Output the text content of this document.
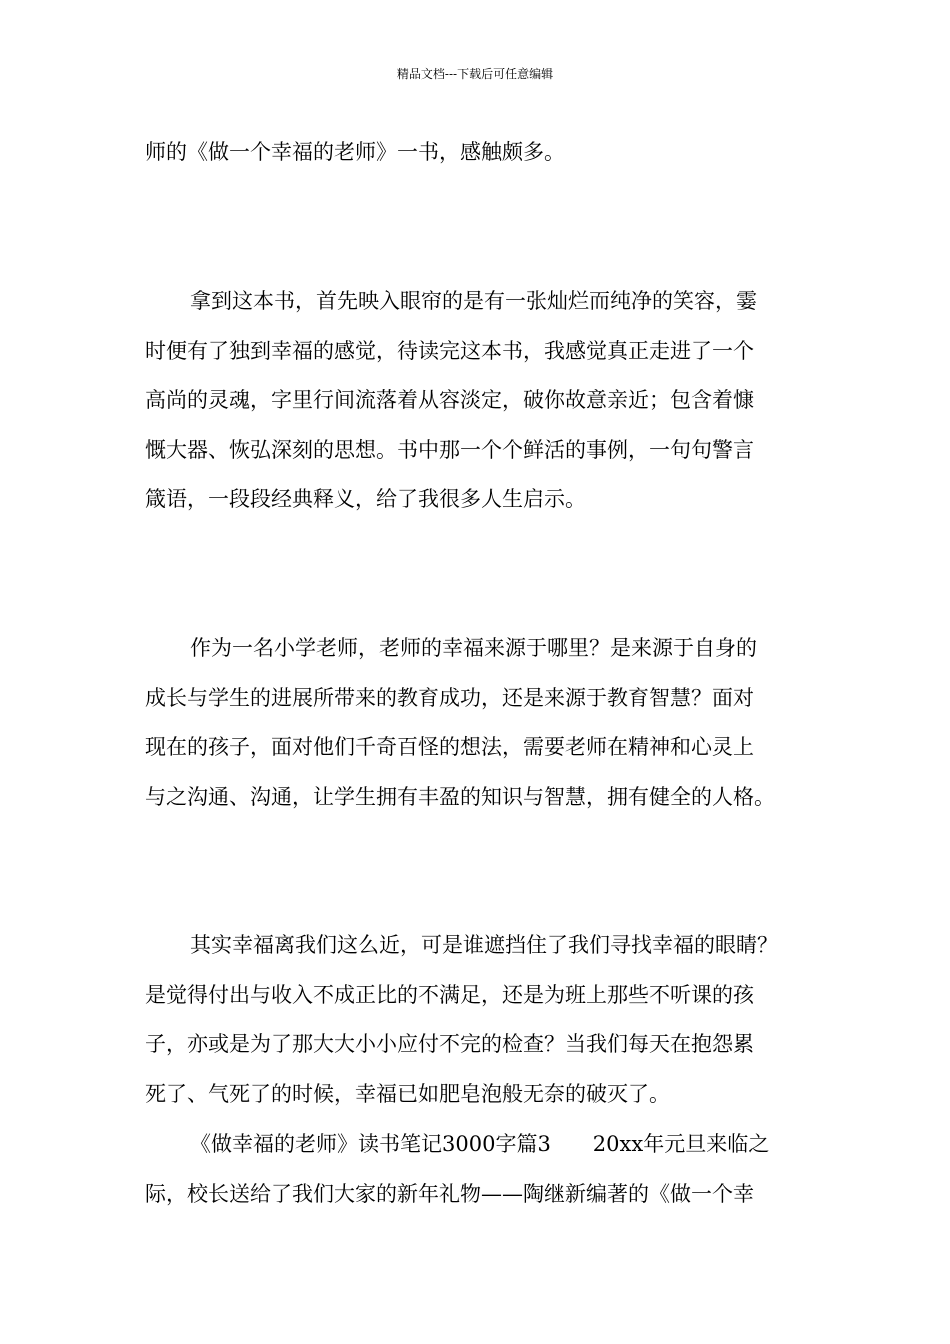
精品文档---下载后可任意编辑
师的《做一个幸福的老师》一书，感触颇多。
拿到这本书，首先映入眼帘的是有一张灿烂而纯净的笑容，霎
时便有了独到幸福的感觉，待读完这本书，我感觉真正走进了一个
高尚的灵魂，字里行间流落着从容淡定，破你故意亲近；包含着慷
慨大器、恢弘深刻的思想。书中那一个个鲜活的事例，一句句警言
箴语，一段段经典释义，给了我很多人生启示。
作为一名小学老师，老师的幸福来源于哪里？是来源于自身的
成长与学生的进展所带来的教育成功，还是来源于教育智慧？面对
现在的孩子，面对他们千奇百怪的想法，需要老师在精神和心灵上
与之沟通、沟通，让学生拥有丰盈的知识与智慧，拥有健全的人格。
其实幸福离我们这么近，可是谁遮挡住了我们寻找幸福的眼睛？
是觉得付出与收入不成正比的不满足，还是为班上那些不听课的孩
子，亦或是为了那大大小小应付不完的检查？当我们每天在抱怨累
死了、气死了的时候，幸福已如肥皂泡般无奈的破灭了。
《做幸福的老师》读书笔记3000字篇3　　20xx年元旦来临之
际，校长送给了我们大家的新年礼物——陶继新编著的《做一个幸
